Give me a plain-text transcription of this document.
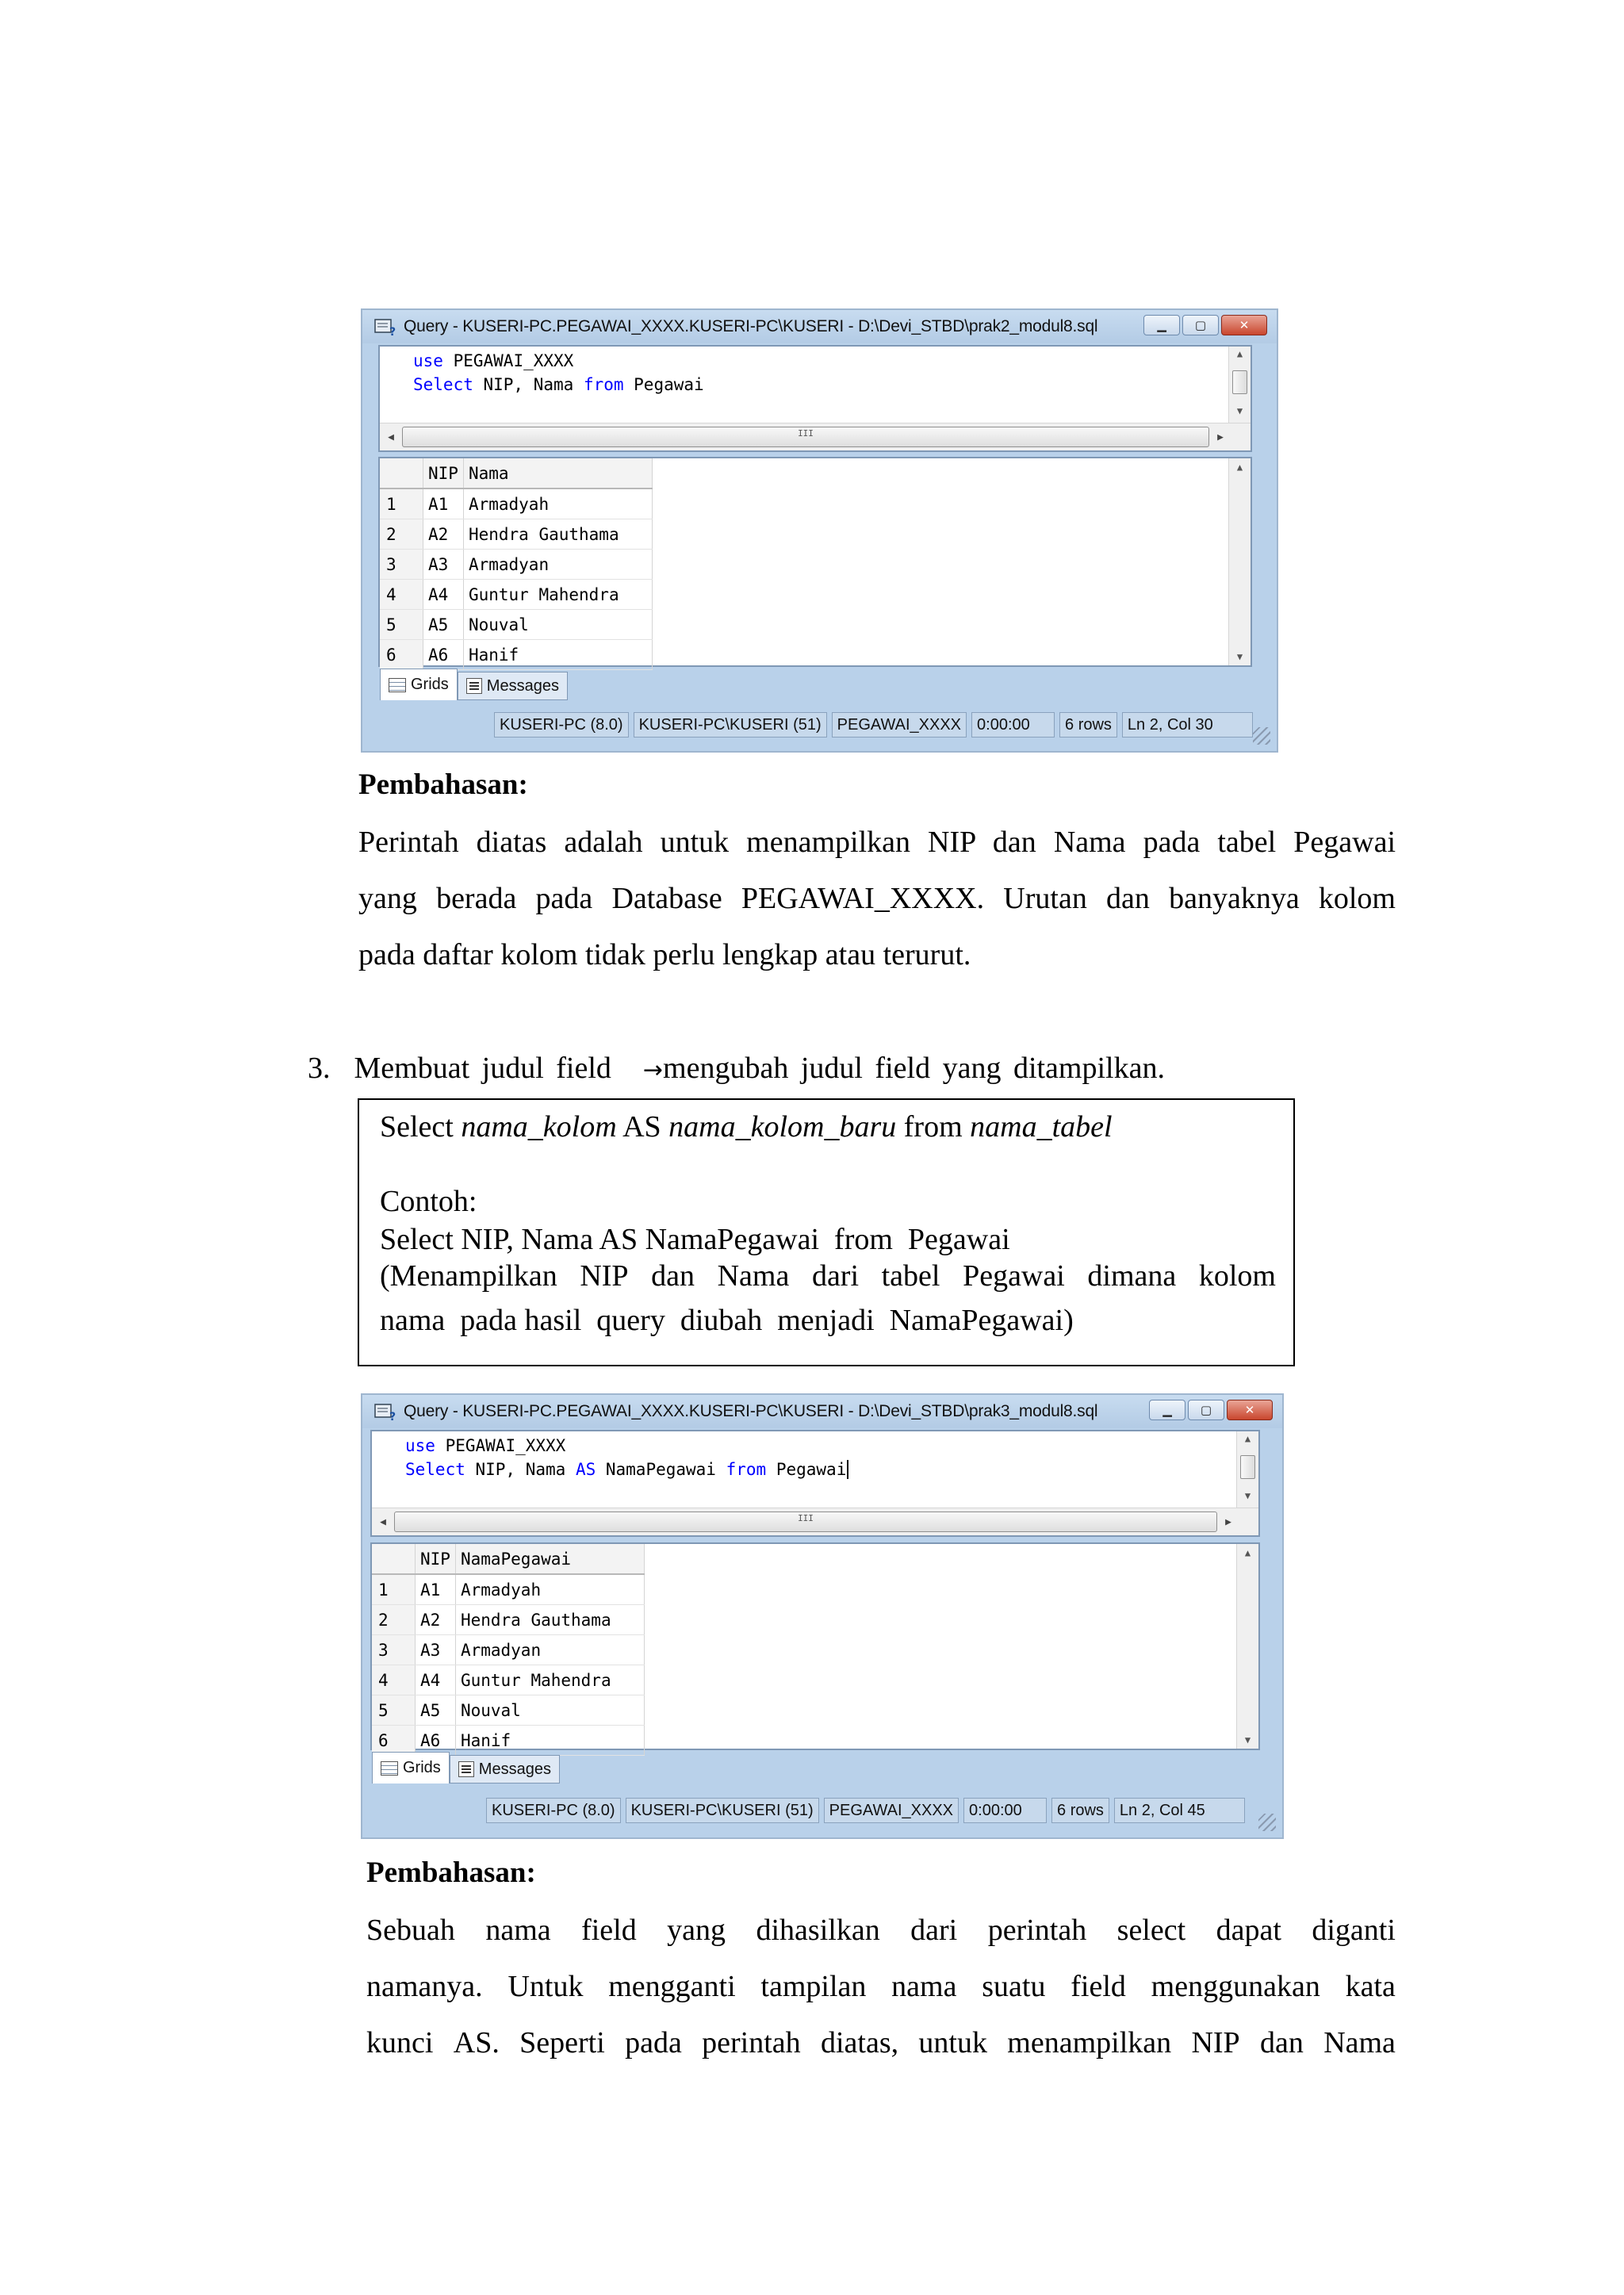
? Query - KUSERI-PC.PEGAWAI_XXXX.KUSERI-PC\KUSERI - D:\Devi_STBD\prak2_modul8.sql	▁ ▢	✕
use PEGAWAI_XXXX
Select NIP, Nama from Pegawai
▲
▼
◀	III	▶
	NIP	Nama
1	A1	Armadyah
2	A2	Hendra Gauthama
3	A3	Armadyan
4	A4	Guntur Mahendra
5	A5	Nouval
6	A6	Hanif
▲
▼
Grids Messages
KUSERI-PC (8.0)	KUSERI-PC\KUSERI (51)	PEGAWAI_XXXX	0:00:00	6 rows	Ln 2, Col 30
Pembahasan:
Perintah diatas adalah untuk menampilkan NIP dan Nama pada tabel Pegawai
yang berada pada Database PEGAWAI_XXXX. Urutan dan banyaknya kolom
pada daftar kolom tidak perlu lengkap atau terurut.
3. Membuat judul field →mengubah judul field yang ditampilkan.
Select nama_kolom AS nama_kolom_baru from nama_tabel
Contoh:
Select NIP, Nama AS NamaPegawai  from  Pegawai
(Menampilkan NIP dan Nama dari tabel Pegawai dimana kolom
nama  pada hasil  query  diubah  menjadi  NamaPegawai)
? Query - KUSERI-PC.PEGAWAI_XXXX.KUSERI-PC\KUSERI - D:\Devi_STBD\prak3_modul8.sql	▁ ▢	✕
use PEGAWAI_XXXX
Select NIP, Nama AS NamaPegawai from Pegawai
▲
▼
◀	III	▶
	NIP	NamaPegawai
1	A1	Armadyah
2	A2	Hendra Gauthama
3	A3	Armadyan
4	A4	Guntur Mahendra
5	A5	Nouval
6	A6	Hanif
▲
▼
Grids Messages
KUSERI-PC (8.0)	KUSERI-PC\KUSERI (51)	PEGAWAI_XXXX	0:00:00	6 rows	Ln 2, Col 45
Pembahasan:
Sebuah nama field yang dihasilkan dari perintah select dapat diganti
namanya. Untuk mengganti tampilan nama suatu field menggunakan kata
kunci AS. Seperti pada perintah diatas, untuk menampilkan NIP dan Nama
